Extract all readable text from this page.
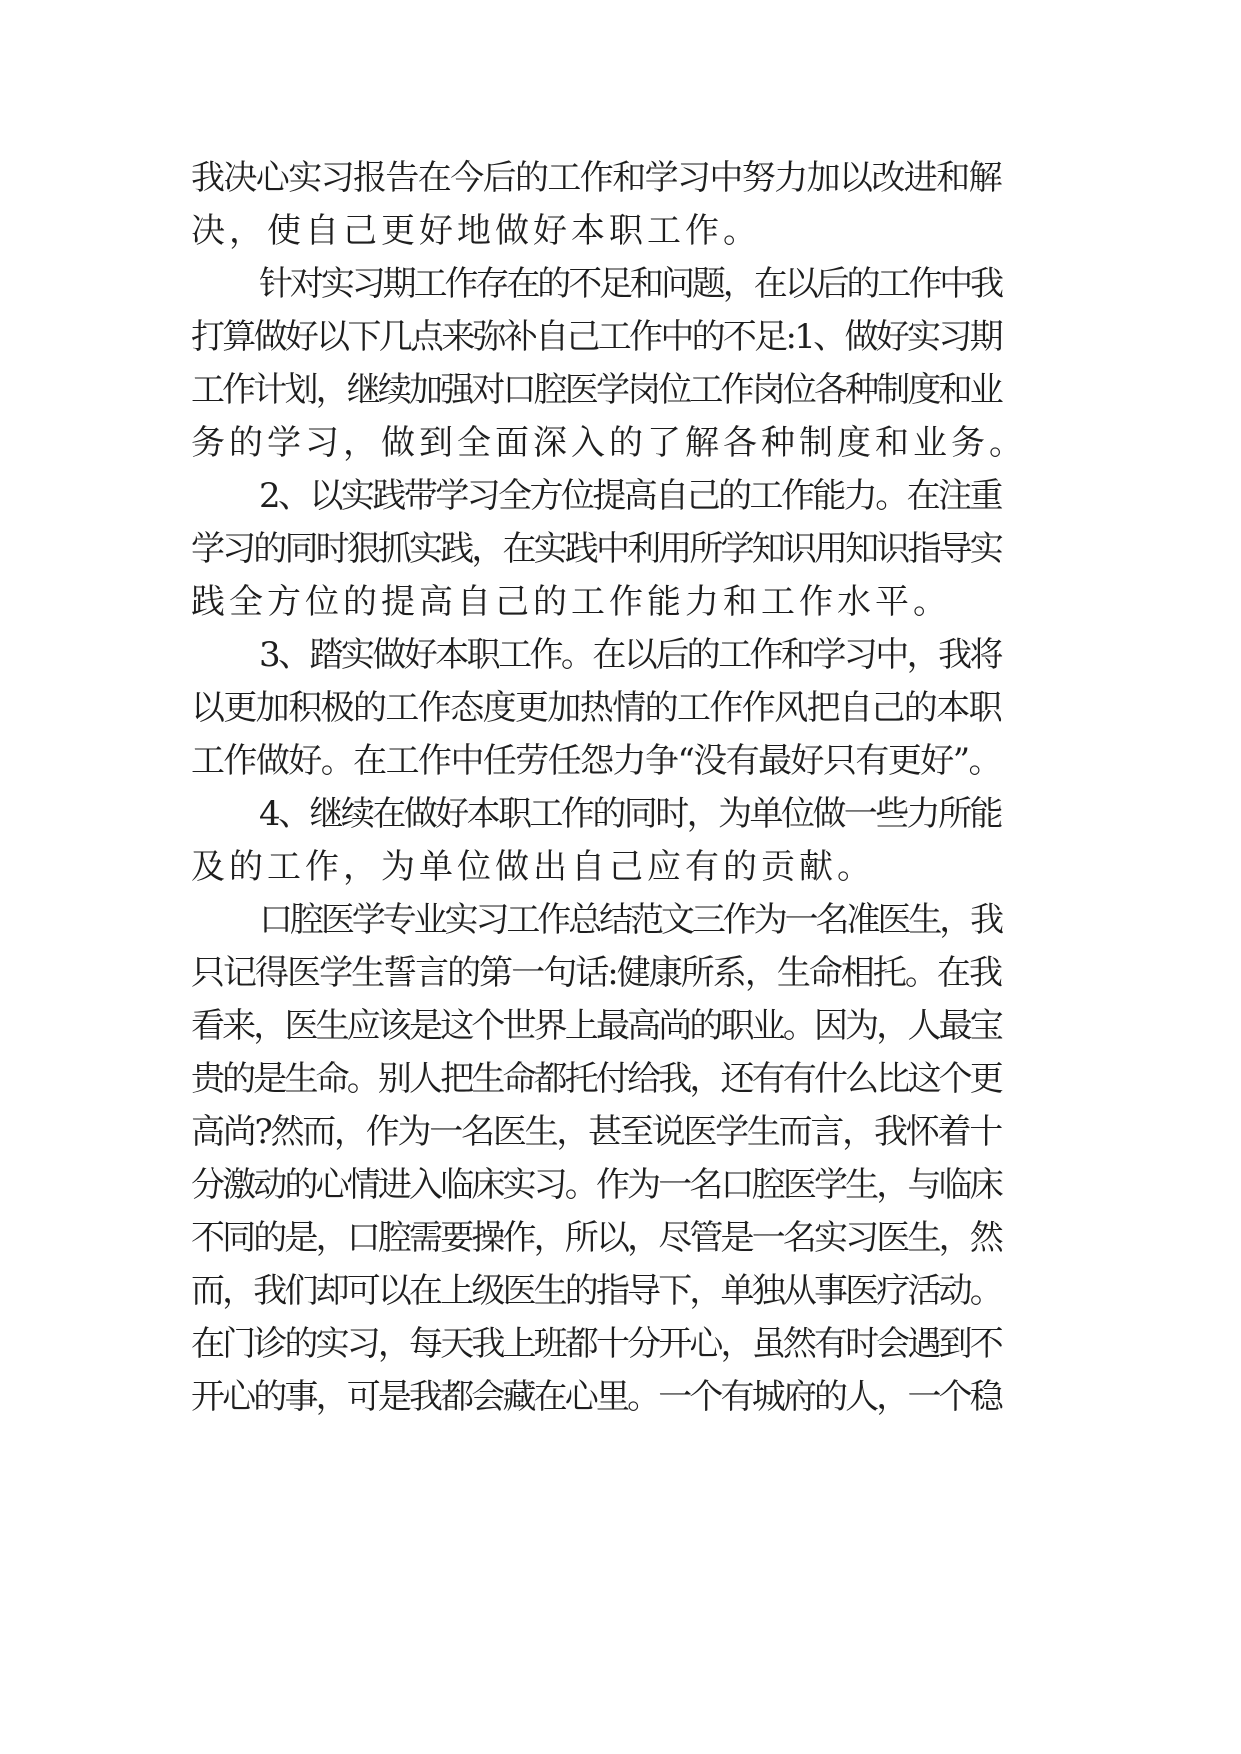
我决心实习报告在今后的工作和学习中努力加以改进和解
决，使自己更好地做好本职工作。
针对实习期工作存在的不足和问题，在以后的工作中我
打算做好以下几点来弥补自己工作中的不足:1、做好实习期
工作计划，继续加强对口腔医学岗位工作岗位各种制度和业
务的学习，做到全面深入的了解各种制度和业务。
2、以实践带学习全方位提高自己的工作能力。在注重
学习的同时狠抓实践，在实践中利用所学知识用知识指导实
践全方位的提高自己的工作能力和工作水平。
3、踏实做好本职工作。在以后的工作和学习中，我将
以更加积极的工作态度更加热情的工作作风把自己的本职
工作做好。在工作中任劳任怨力争“没有最好只有更好”。
4、继续在做好本职工作的同时，为单位做一些力所能
及的工作，为单位做出自己应有的贡献。
口腔医学专业实习工作总结范文三作为一名准医生，我
只记得医学生誓言的第一句话:健康所系，生命相托。在我
看来，医生应该是这个世界上最高尚的职业。因为，人最宝
贵的是生命。别人把生命都托付给我，还有有什么比这个更
高尚?然而，作为一名医生，甚至说医学生而言，我怀着十
分激动的心情进入临床实习。作为一名口腔医学生，与临床
不同的是，口腔需要操作，所以，尽管是一名实习医生，然
而，我们却可以在上级医生的指导下，单独从事医疗活动。
在门诊的实习，每天我上班都十分开心，虽然有时会遇到不
开心的事，可是我都会藏在心里。一个有城府的人，一个稳
